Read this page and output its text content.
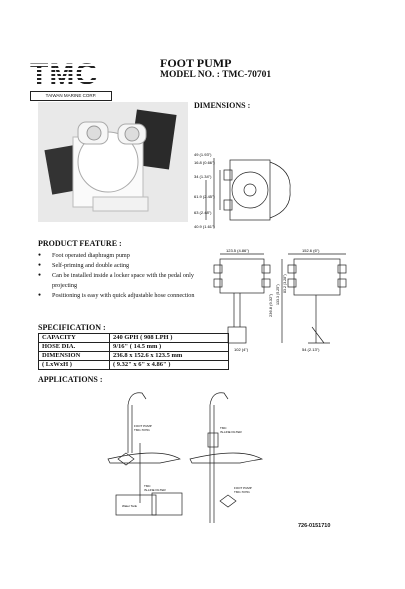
TMC
TAIWAN MARINE CORP.
FOOT PUMP
MODEL NO. : TMC-70701
DIMENSIONS :
49 (1.93")
16.8 (0.66")
34 (1.34")
61.9 (2.45")
63 (2.48")
40.9 (1.61")
123.5 (4.86")	152.6 (6")
236.8 (9.32") 133.3 (5.25")
83.2 (3.28")
102 (4")	54 (2.13")
PRODUCT FEATURE :
● Foot operated diaphragm pump
● Self-priming and double acting
● Can be installed inside a locker space with the pedal only projecting
● Positioning is easy with quick adjustable hose connection
SPECIFICATION :
CAPACITY	240 GPH ( 908 LPH )
HOSE DIA.	9/16" ( 14.5 mm )
DIMENSION	236.8 x 152.6 x 123.5 mm
( LxWxH )	( 9.32" x 6" x 4.86" )
APPLICATIONS :
FOOT PUMP
TMC-70701
TMC
IN-LINE FILTER
Water Tank
TMC
IN-LINE FILTER
FOOT PUMP
TMC-70701
726-0151710
